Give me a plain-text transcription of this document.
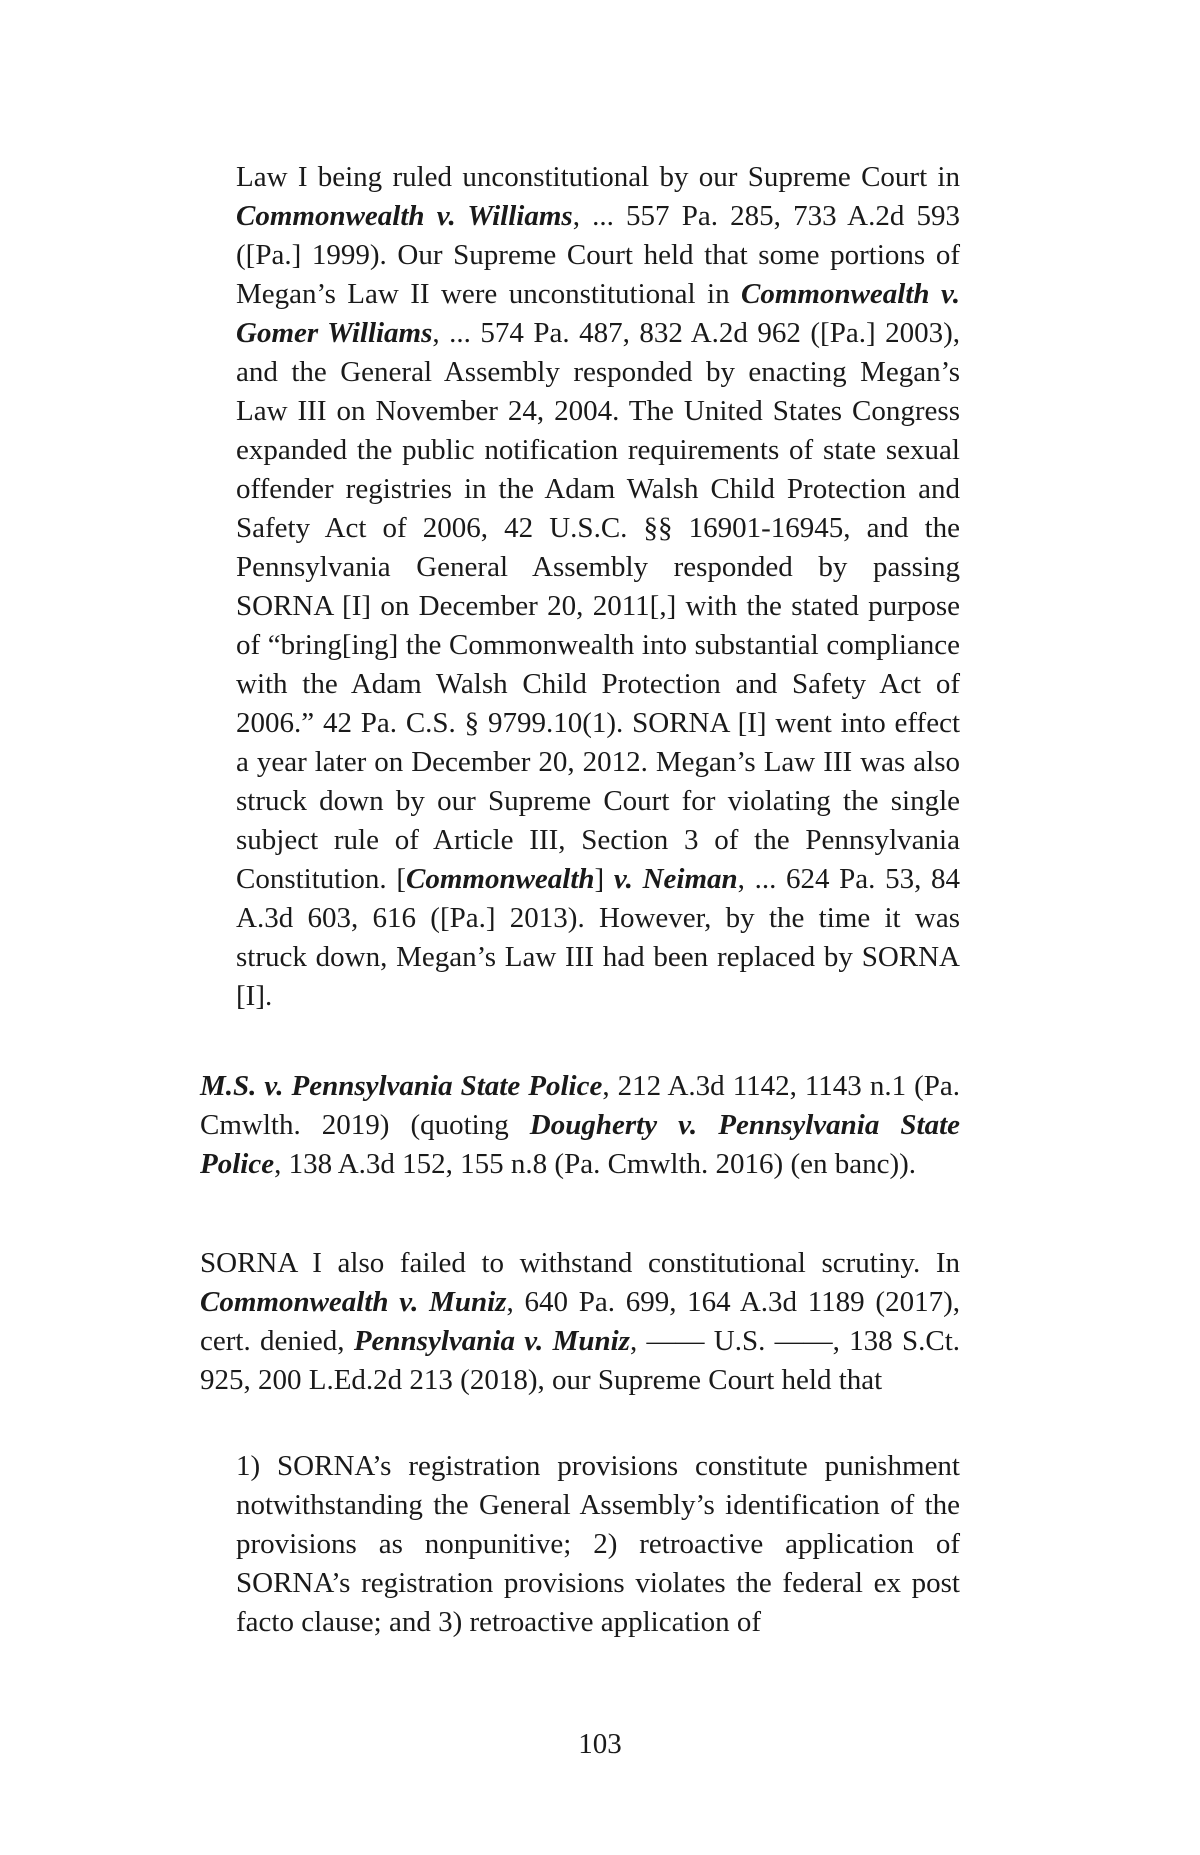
Law I being ruled unconstitutional by our Supreme Court in Commonwealth v. Williams, ... 557 Pa. 285, 733 A.2d 593 ([Pa.] 1999). Our Supreme Court held that some portions of Megan’s Law II were unconstitutional in Commonwealth v. Gomer Williams, ... 574 Pa. 487, 832 A.2d 962 ([Pa.] 2003), and the General Assembly responded by enacting Megan’s Law III on November 24, 2004. The United States Congress expanded the public notification requirements of state sexual offender registries in the Adam Walsh Child Protection and Safety Act of 2006, 42 U.S.C. §§ 16901-16945, and the Pennsylvania General Assembly responded by passing SORNA [I] on December 20, 2011[,] with the stated purpose of “bring[ing] the Commonwealth into substantial compliance with the Adam Walsh Child Protection and Safety Act of 2006.” 42 Pa. C.S. § 9799.10(1). SORNA [I] went into effect a year later on December 20, 2012. Megan’s Law III was also struck down by our Supreme Court for violating the single subject rule of Article III, Section 3 of the Pennsylvania Constitution. [Commonwealth] v. Neiman, ... 624 Pa. 53, 84 A.3d 603, 616 ([Pa.] 2013). However, by the time it was struck down, Megan’s Law III had been replaced by SORNA [I].

M.S. v. Pennsylvania State Police, 212 A.3d 1142, 1143 n.1 (Pa. Cmwlth. 2019) (quoting Dougherty v. Pennsylvania State Police, 138 A.3d 152, 155 n.8 (Pa. Cmwlth. 2016) (en banc)).

SORNA I also failed to withstand constitutional scrutiny. In Commonwealth v. Muniz, 640 Pa. 699, 164 A.3d 1189 (2017), cert. denied, Pennsylvania v. Muniz, —— U.S. ——, 138 S.Ct. 925, 200 L.Ed.2d 213 (2018), our Supreme Court held that

1) SORNA’s registration provisions constitute punishment notwithstanding the General Assembly’s identification of the provisions as nonpunitive; 2) retroactive application of SORNA’s registration provisions violates the federal ex post facto clause; and 3) retroactive application of

103
